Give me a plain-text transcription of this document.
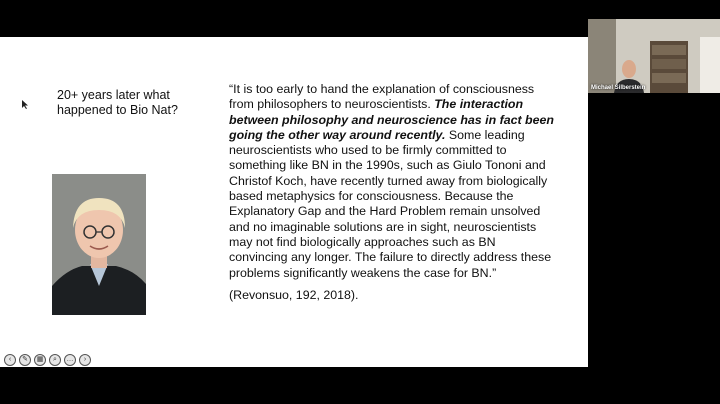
20+ years later what happened to Bio Nat?

“It is too early to hand the explanation of consciousness from philosophers to neuroscientists. The interaction between philosophy and neuroscience has in fact been going the other way around recently. Some leading neuroscientists who used to be firmly committed to something like BN in the 1990s, such as Giulo Tononi and Christof Koch, have recently turned away from biologically based metaphysics for consciousness. Because the Explanatory Gap and the Hard Problem remain unsolved and no imaginable solutions are in sight, neuroscientists may not find biologically approaches such as BN convincing any longer. The failure to directly address these problems significantly weakens the case for BN.”

(Revonsuo, 192, 2018).

‹	✎	▦	⌕	…	›
Michael Silberstein
